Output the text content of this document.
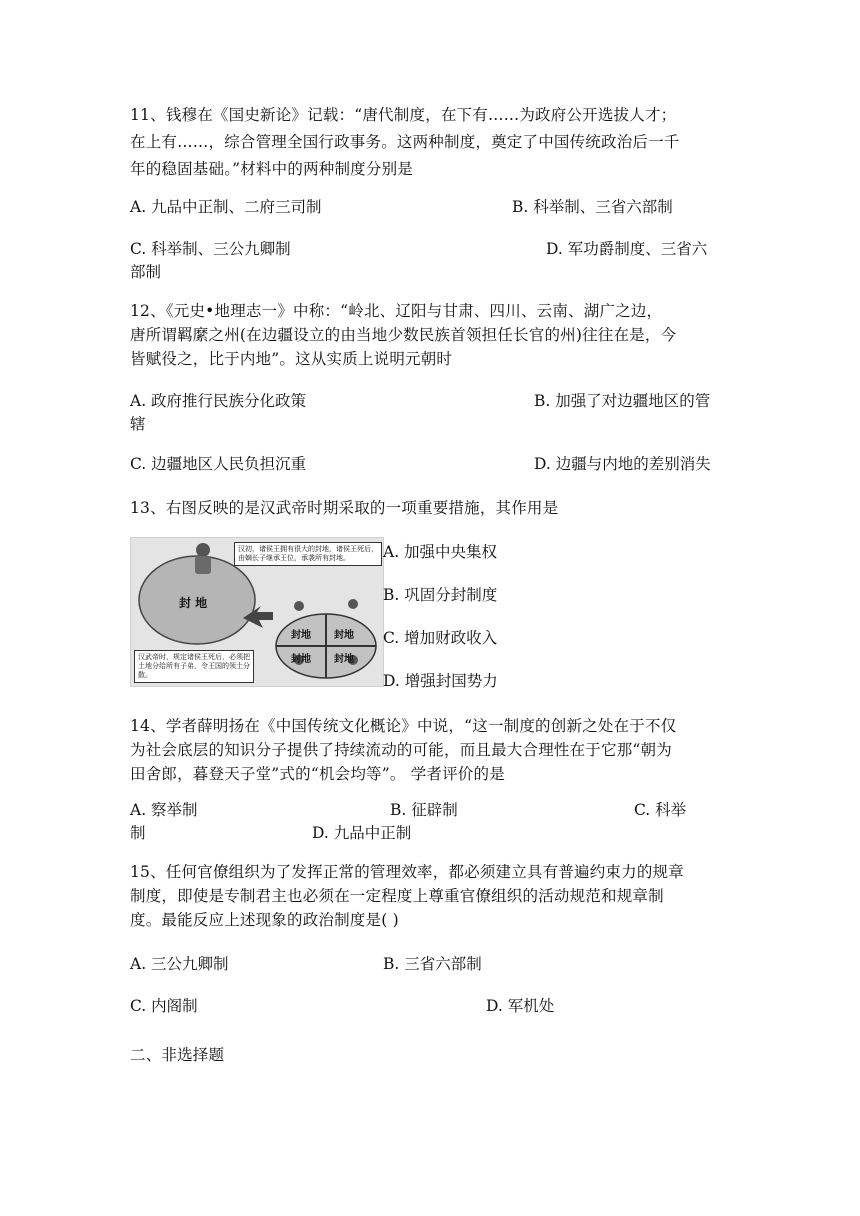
11、钱穆在《国史新论》记载：“唐代制度，在下有……为政府公开选拔人才；
在上有……，综合管理全国行政事务。这两种制度，奠定了中国传统政治后一千
年的稳固基础。”材料中的两种制度分别是
A. 九品中正制、二府三司制	B. 科举制、三省六部制
C. 科举制、三公九卿制	D. 军功爵制度、三省六
部制
12、《元史•地理志一》中称：“岭北、辽阳与甘肃、四川、云南、湖广之边，
唐所谓羁縻之州(在边疆设立的由当地少数民族首领担任长官的州)往往在是，今
皆赋役之，比于内地”。这从实质上说明元朝时
A. 政府推行民族分化政策	B. 加强了对边疆地区的管
辖
C. 边疆地区人民负担沉重	D. 边疆与内地的差别消失
13、右图反映的是汉武帝时期采取的一项重要措施，其作用是
汉初，诸侯王拥有很大的封地，诸侯王死后，由嫡长子继承王位，承袭所有封地。
汉武帝时，规定诸侯王死后，必须把土地分给所有子弟，令王国的领土分散。
封 地
封地 封地
封地 封地
A. 加强中央集权
B. 巩固分封制度
C. 增加财政收入
D. 增强封国势力
14、学者薛明扬在《中国传统文化概论》中说，“这一制度的创新之处在于不仅
为社会底层的知识分子提供了持续流动的可能，而且最大合理性在于它那“朝为
田舍郎，暮登天子堂”式的“机会均等”。 学者评价的是
A. 察举制	B. 征辟制	C. 科举
制	D. 九品中正制
15、任何官僚组织为了发挥正常的管理效率，都必须建立具有普遍约束力的规章
制度，即使是专制君主也必须在一定程度上尊重官僚组织的活动规范和规章制
度。最能反应上述现象的政治制度是( )
A. 三公九卿制	B. 三省六部制
C. 内阁制	D. 军机处
二、非选择题
